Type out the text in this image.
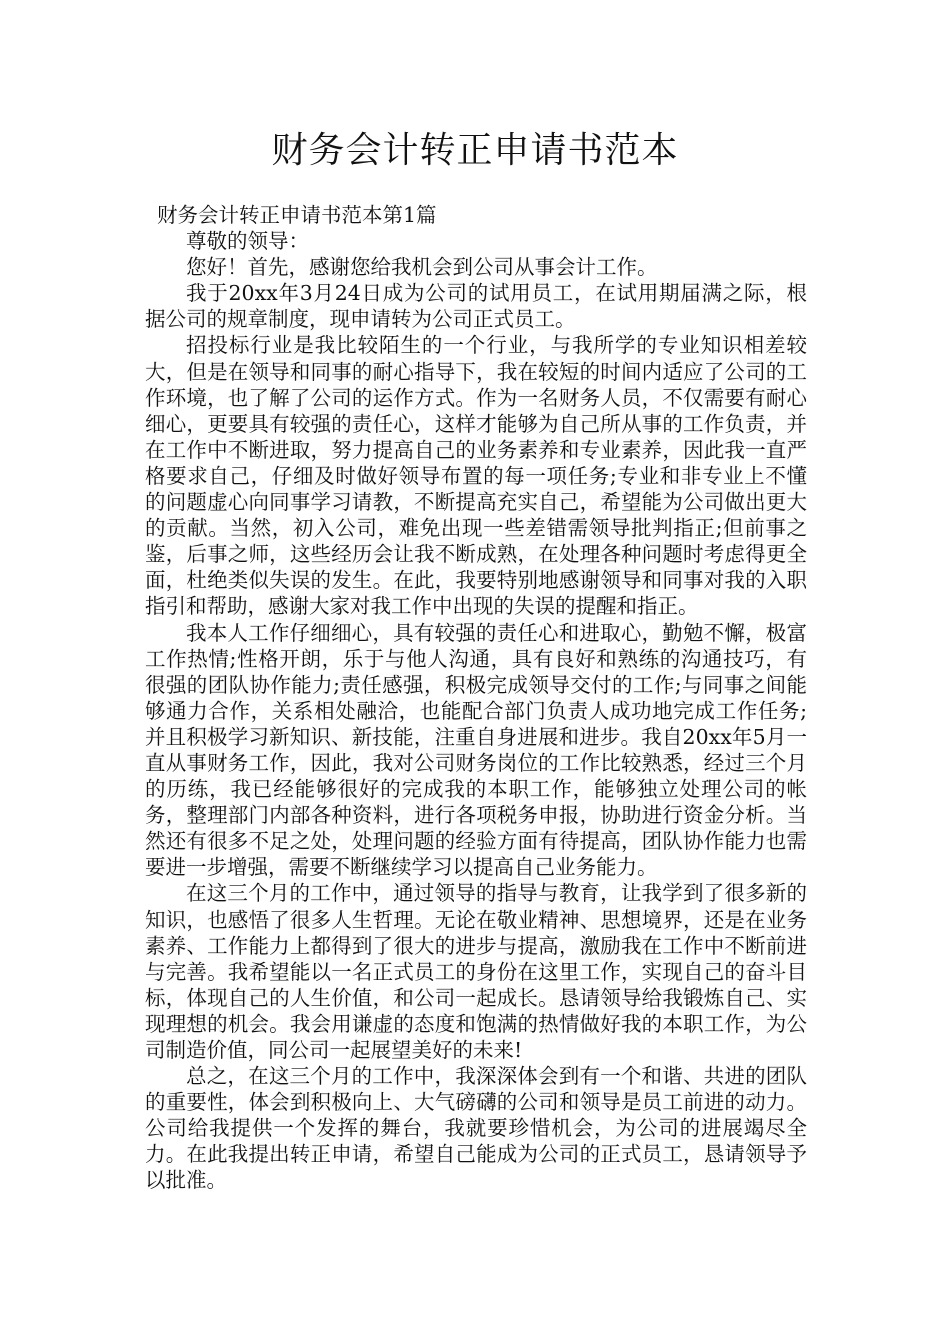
财务会计转正申请书范本

财务会计转正申请书范本第1篇

尊敬的领导：

您好！首先，感谢您给我机会到公司从事会计工作。

我于20xx年3月24日成为公司的试用员工，在试用期届满之际，根据公司的规章制度，现申请转为公司正式员工。

招投标行业是我比较陌生的一个行业，与我所学的专业知识相差较大，但是在领导和同事的耐心指导下，我在较短的时间内适应了公司的工作环境，也了解了公司的运作方式。作为一名财务人员，不仅需要有耐心细心，更要具有较强的责任心，这样才能够为自己所从事的工作负责，并在工作中不断进取，努力提高自己的业务素养和专业素养，因此我一直严格要求自己，仔细及时做好领导布置的每一项任务;专业和非专业上不懂的问题虚心向同事学习请教，不断提高充实自己，希望能为公司做出更大的贡献。当然，初入公司，难免出现一些差错需领导批判指正;但前事之鉴，后事之师，这些经历会让我不断成熟，在处理各种问题时考虑得更全面，杜绝类似失误的发生。在此，我要特别地感谢领导和同事对我的入职指引和帮助，感谢大家对我工作中出现的失误的提醒和指正。

我本人工作仔细细心，具有较强的责任心和进取心，勤勉不懈，极富工作热情;性格开朗，乐于与他人沟通，具有良好和熟练的沟通技巧，有很强的团队协作能力;责任感强，积极完成领导交付的工作;与同事之间能够通力合作，关系相处融洽，也能配合部门负责人成功地完成工作任务;并且积极学习新知识、新技能，注重自身进展和进步。我自20xx年5月一直从事财务工作，因此，我对公司财务岗位的工作比较熟悉，经过三个月的历练，我已经能够很好的完成我的本职工作，能够独立处理公司的帐务，整理部门内部各种资料，进行各项税务申报，协助进行资金分析。当然还有很多不足之处，处理问题的经验方面有待提高，团队协作能力也需要进一步增强，需要不断继续学习以提高自己业务能力。

在这三个月的工作中，通过领导的指导与教育，让我学到了很多新的知识，也感悟了很多人生哲理。无论在敬业精神、思想境界，还是在业务素养、工作能力上都得到了很大的进步与提高，激励我在工作中不断前进与完善。我希望能以一名正式员工的身份在这里工作，实现自己的奋斗目标，体现自己的人生价值，和公司一起成长。恳请领导给我锻炼自己、实现理想的机会。我会用谦虚的态度和饱满的热情做好我的本职工作，为公司制造价值，同公司一起展望美好的未来!

总之，在这三个月的工作中，我深深体会到有一个和谐、共进的团队的重要性，体会到积极向上、大气磅礴的公司和领导是员工前进的动力。公司给我提供一个发挥的舞台，我就要珍惜机会，为公司的进展竭尽全力。在此我提出转正申请，希望自己能成为公司的正式员工，恳请领导予以批准。
